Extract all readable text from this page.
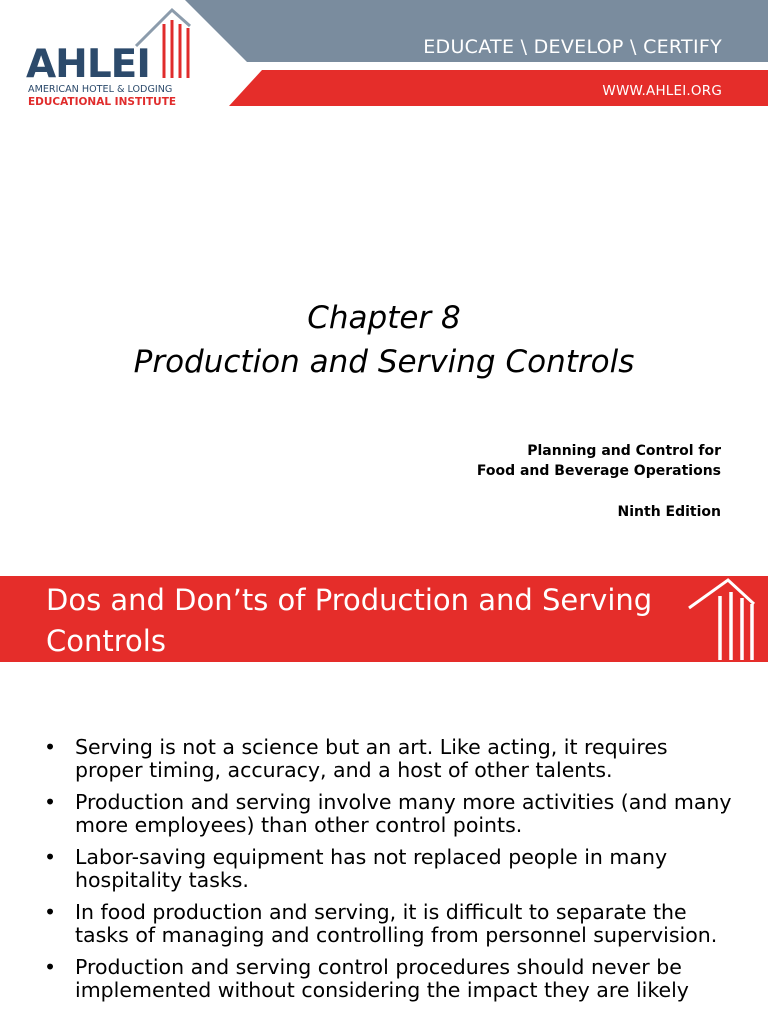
EDUCATE \ DEVELOP \ CERTIFY
WWW.AHLEI.ORG
AHLEI
AMERICAN HOTEL & LODGING
EDUCATIONAL INSTITUTE
Chapter 8
Production and Serving Controls
Planning and Control for
Food and Beverage Operations
Ninth Edition
Dos and Don’ts of Production and Serving Controls
• Serving is not a science but an art. Like acting, it requires proper timing, accuracy, and a host of other talents.
• Production and serving involve many more activities (and many more employees) than other control points.
• Labor-saving equipment has not replaced people in many hospitality tasks.
• In food production and serving, it is difficult to separate the tasks of managing and controlling from personnel supervision.
• Production and serving control procedures should never be implemented without considering the impact they are likely
